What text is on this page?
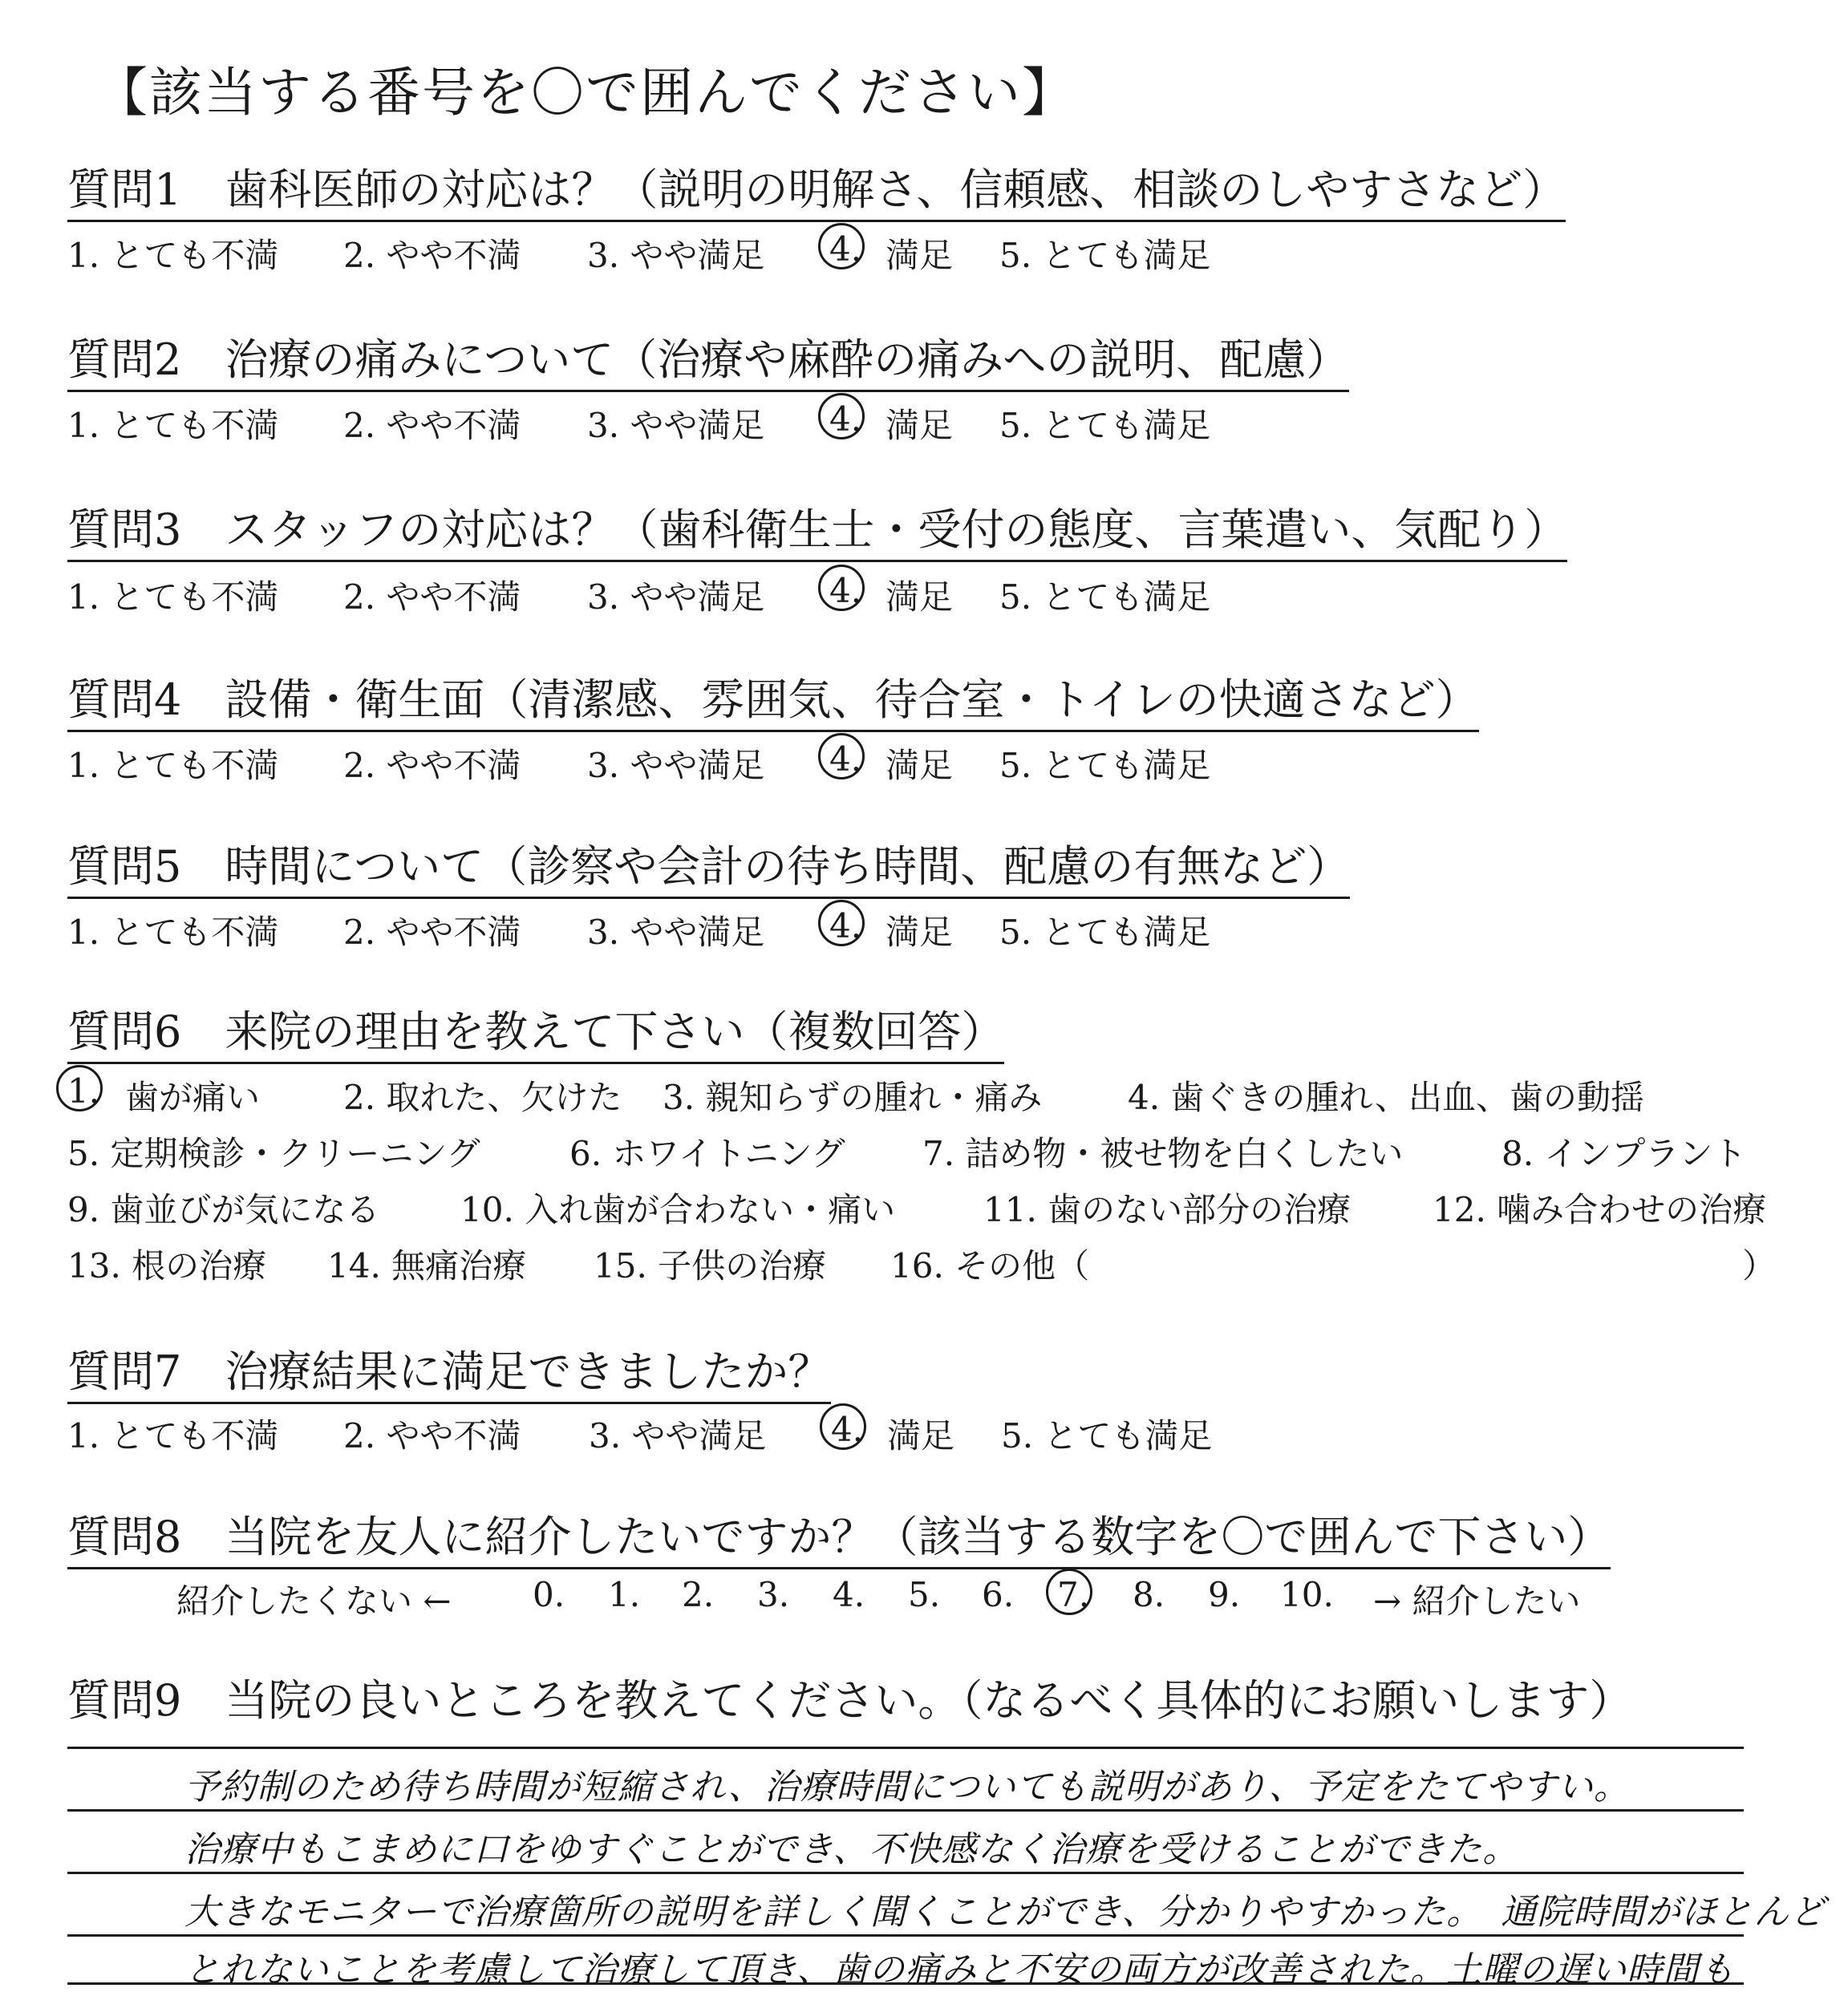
【該当する番号を〇で囲んでください】
質問1　歯科医師の対応は？（説明の明解さ、信頼感、相談のしやすさなど）
1. とても不満 2. やや不満 3. やや満足 4. 満足 5. とても満足
質問2　治療の痛みについて（治療や麻酔の痛みへの説明、配慮）
1. とても不満 2. やや不満 3. やや満足 4. 満足 5. とても満足
質問3　スタッフの対応は？（歯科衛生士・受付の態度、言葉遣い、気配り）
1. とても不満 2. やや不満 3. やや満足 4. 満足 5. とても満足
質問4　設備・衛生面（清潔感、雰囲気、待合室・トイレの快適さなど）
1. とても不満 2. やや不満 3. やや満足 4. 満足 5. とても満足
質問5　時間について（診察や会計の待ち時間、配慮の有無など）
1. とても不満 2. やや不満 3. やや満足 4. 満足 5. とても満足
質問6　来院の理由を教えて下さい（複数回答）
1. 歯が痛い 2. 取れた、欠けた 3. 親知らずの腫れ・痛み	4. 歯ぐきの腫れ、出血、歯の動揺
5. 定期検診・クリーニング	6. ホワイトニング 7. 詰め物・被せ物を白くしたい	8. インプラント
9. 歯並びが気になる 10. 入れ歯が合わない・痛い	11. 歯のない部分の治療 12. 噛み合わせの治療
13. 根の治療 14. 無痛治療 15. 子供の治療 16. その他（	）
質問7　治療結果に満足できましたか？
1. とても不満 2. やや不満 3. やや満足 4. 満足 5. とても満足
質問8　当院を友人に紹介したいですか？（該当する数字を〇で囲んで下さい）
紹介したくない ← 0. 1. 2. 3. 4. 5. 6. 7. 8. 9. 10. → 紹介したい
質問9　当院の良いところを教えてください。（なるべく具体的にお願いします）
予約制のため待ち時間が短縮され、治療時間についても説明があり、予定をたてやすい。
治療中もこまめに口をゆすぐことができ、不快感なく治療を受けることができた。
大きなモニターで治療箇所の説明を詳しく聞くことができ、分かりやすかった。　通院時間がほとんど
とれないことを考慮して治療して頂き、歯の痛みと不安の両方が改善された。土曜の遅い時間も
